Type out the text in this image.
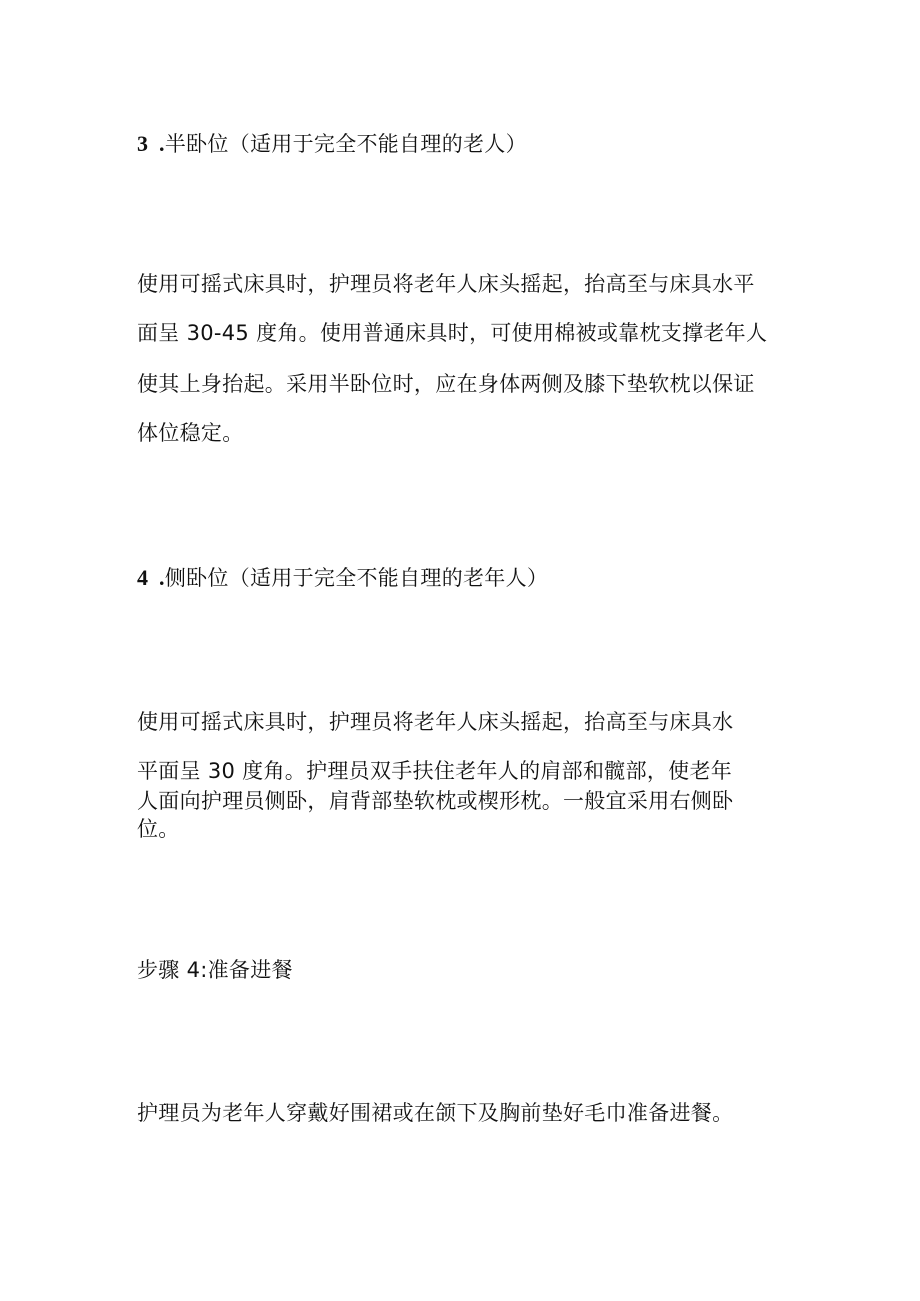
3 .半卧位（适用于完全不能自理的老人）
使用可摇式床具时，护理员将老年人床头摇起，抬高至与床具水平
面呈 30-45 度角。使用普通床具时，可使用棉被或靠枕支撑老年人
使其上身抬起。采用半卧位时，应在身体两侧及膝下垫软枕以保证
体位稳定。
4 .侧卧位（适用于完全不能自理的老年人）
使用可摇式床具时，护理员将老年人床头摇起，抬高至与床具水
平面呈 30 度角。护理员双手扶住老年人的肩部和髋部，使老年
人面向护理员侧卧，肩背部垫软枕或楔形枕。一般宜采用右侧卧
位。
步骤 4:准备进餐
护理员为老年人穿戴好围裙或在颌下及胸前垫好毛巾准备进餐。
